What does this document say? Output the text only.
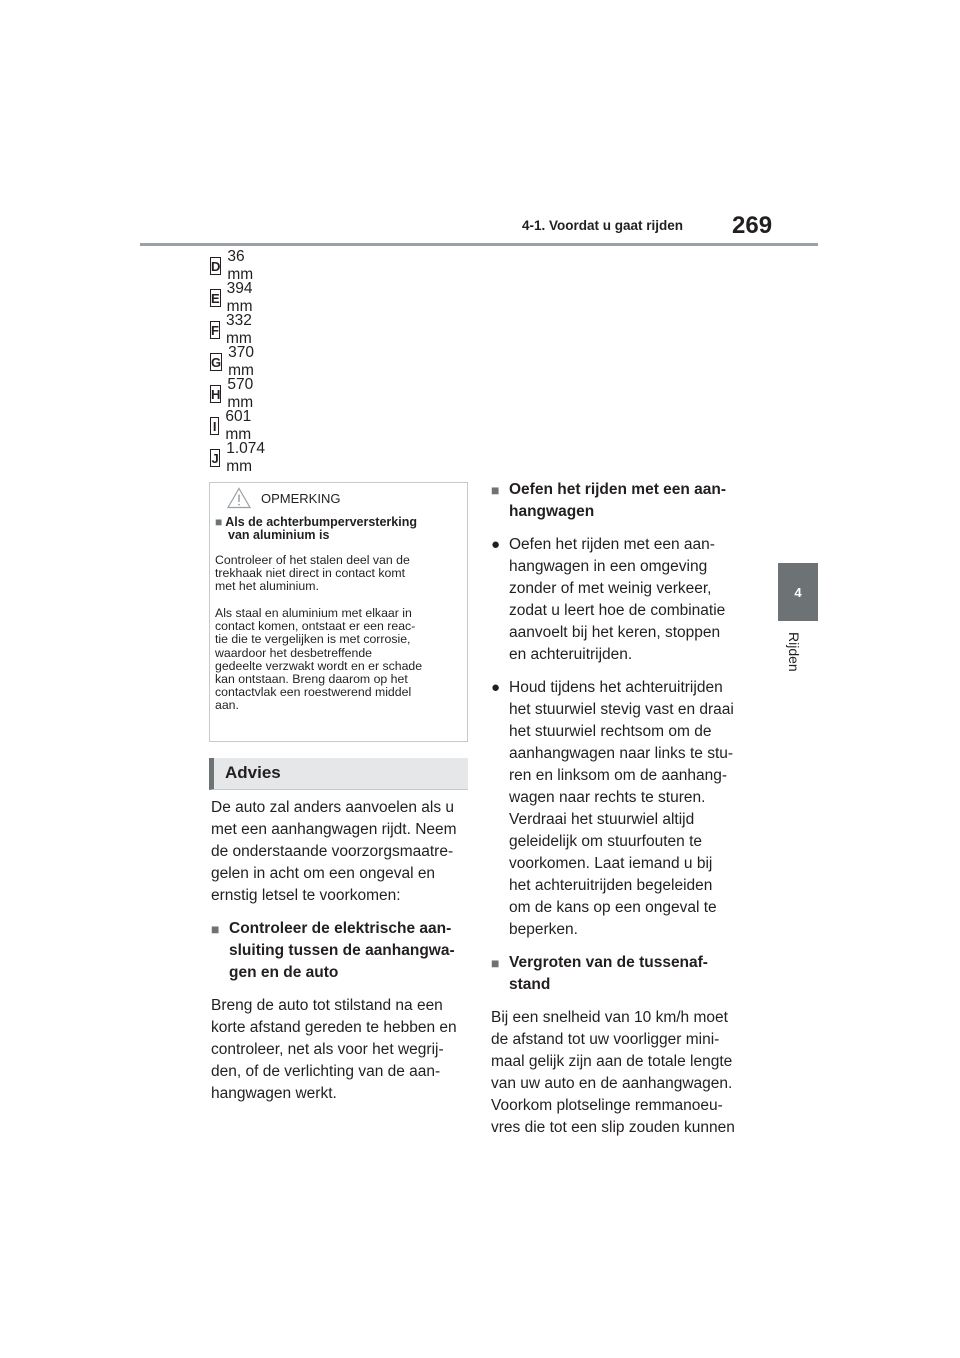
4-1. Voordat u gaat rijden 269
4
Rijden
D
36 mm
E
394 mm
F
332 mm
G
370 mm
H
570 mm
I
601 mm
J
1.074 mm
OPMERKING
■ Als de achterbumperversterking
van aluminium is
Controleer of het stalen deel van de
trekhaak niet direct in contact komt
met het aluminium.
Als staal en aluminium met elkaar in
contact komen, ontstaat er een reac-
tie die te vergelijken is met corrosie,
waardoor het desbetreffende
gedeelte verzwakt wordt en er schade
kan ontstaan. Breng daarom op het
contactvlak een roestwerend middel
aan.
Advies
De auto zal anders aanvoelen als u
met een aanhangwagen rijdt. Neem
de onderstaande voorzorgsmaatre-
gelen in acht om een ongeval en
ernstig letsel te voorkomen:
■ Controleer de elektrische aan-
sluiting tussen de aanhangwa-
gen en de auto
Breng de auto tot stilstand na een
korte afstand gereden te hebben en
controleer, net als voor het wegrij-
den, of de verlichting van de aan-
hangwagen werkt.
■ Oefen het rijden met een aan-
hangwagen
● Oefen het rijden met een aan-
hangwagen in een omgeving
zonder of met weinig verkeer,
zodat u leert hoe de combinatie
aanvoelt bij het keren, stoppen
en achteruitrijden.
● Houd tijdens het achteruitrijden
het stuurwiel stevig vast en draai
het stuurwiel rechtsom om de
aanhangwagen naar links te stu-
ren en linksom om de aanhang-
wagen naar rechts te sturen.
Verdraai het stuurwiel altijd
geleidelijk om stuurfouten te
voorkomen. Laat iemand u bij
het achteruitrijden begeleiden
om de kans op een ongeval te
beperken.
■ Vergroten van de tussenaf-
stand
Bij een snelheid van 10 km/h moet
de afstand tot uw voorligger mini-
maal gelijk zijn aan de totale lengte
van uw auto en de aanhangwagen.
Voorkom plotselinge remmanoeu-
vres die tot een slip zouden kunnen
